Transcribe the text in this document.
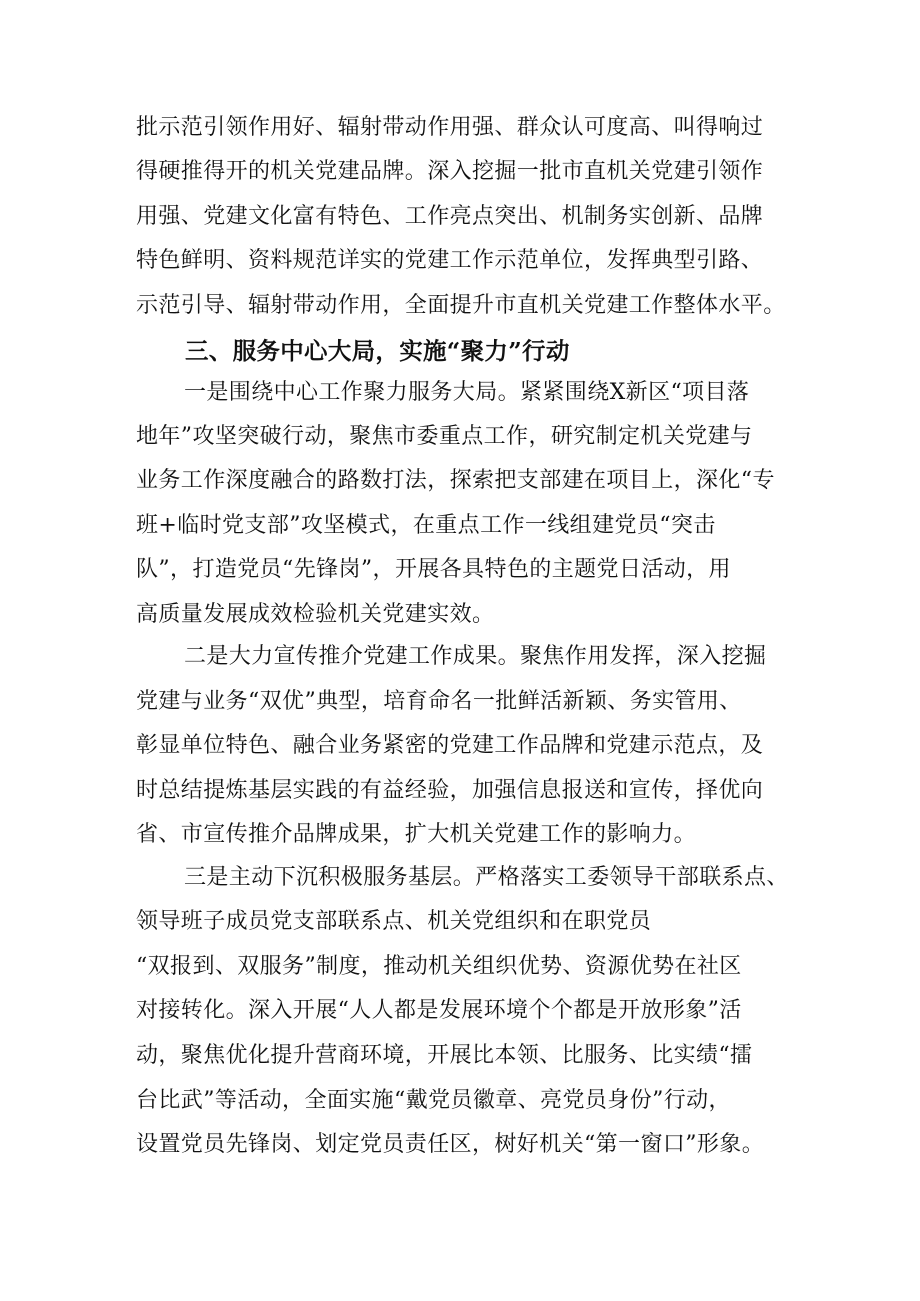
批示范引领作用好、辐射带动作用强、群众认可度高、叫得响过
得硬推得开的机关党建品牌。深入挖掘一批市直机关党建引领作
用强、党建文化富有特色、工作亮点突出、机制务实创新、品牌
特色鲜明、资料规范详实的党建工作示范单位，发挥典型引路、
示范引导、辐射带动作用，全面提升市直机关党建工作整体水平。
三、服务中心大局，实施“聚力”行动
一是围绕中心工作聚力服务大局。紧紧围绕X新区“项目落
地年”攻坚突破行动，聚焦市委重点工作，研究制定机关党建与
业务工作深度融合的路数打法，探索把支部建在项目上，深化“专
班+临时党支部”攻坚模式，在重点工作一线组建党员“突击
队”，打造党员“先锋岗”，开展各具特色的主题党日活动，用
高质量发展成效检验机关党建实效。
二是大力宣传推介党建工作成果。聚焦作用发挥，深入挖掘
党建与业务“双优”典型，培育命名一批鲜活新颖、务实管用、
彰显单位特色、融合业务紧密的党建工作品牌和党建示范点，及
时总结提炼基层实践的有益经验，加强信息报送和宣传，择优向
省、市宣传推介品牌成果，扩大机关党建工作的影响力。
三是主动下沉积极服务基层。严格落实工委领导干部联系点、
领导班子成员党支部联系点、机关党组织和在职党员
“双报到、双服务”制度，推动机关组织优势、资源优势在社区
对接转化。深入开展“人人都是发展环境个个都是开放形象”活
动，聚焦优化提升营商环境，开展比本领、比服务、比实绩“擂
台比武”等活动，全面实施“戴党员徽章、亮党员身份”行动，
设置党员先锋岗、划定党员责任区，树好机关“第一窗口”形象。
